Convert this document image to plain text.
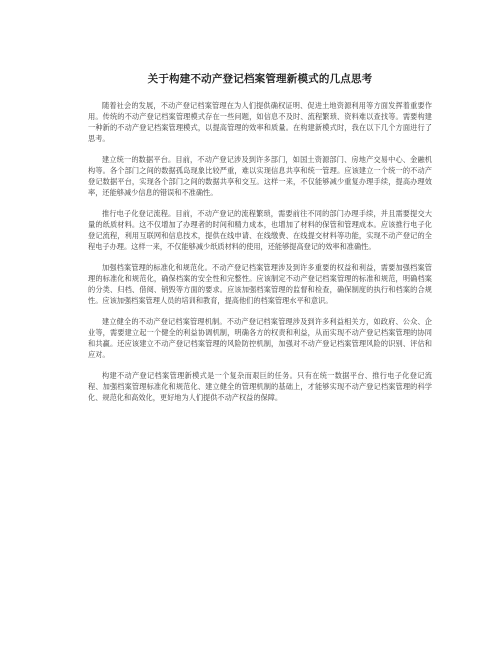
关于构建不动产登记档案管理新模式的几点思考

随着社会的发展，不动产登记档案管理在为人们提供确权证明、促进土地资源利用等方面发挥着重要作用。传统的不动产登记档案管理模式存在一些问题，如信息不及时、流程繁琐、资料难以查找等。需要构建一种新的不动产登记档案管理模式，以提高管理的效率和质量。在构建新模式时，我在以下几个方面进行了思考。

建立统一的数据平台。目前，不动产登记涉及到许多部门，如国土资源部门、房地产交易中心、金融机构等。各个部门之间的数据孤岛现象比较严重，难以实现信息共享和统一管理。应该建立一个统一的不动产登记数据平台，实现各个部门之间的数据共享和交互。这样一来，不仅能够减少重复办理手续，提高办理效率，还能够减少信息的错误和不准确性。

推行电子化登记流程。目前，不动产登记的流程繁琐，需要前往不同的部门办理手续，并且需要提交大量的纸质材料。这不仅增加了办理者的时间和精力成本，也增加了材料的保管和管理成本。应该推行电子化登记流程，利用互联网和信息技术，提供在线申请、在线缴费、在线提交材料等功能，实现不动产登记的全程电子办理。这样一来，不仅能够减少纸质材料的使用，还能够提高登记的效率和准确性。

加强档案管理的标准化和规范化。不动产登记档案管理涉及到许多重要的权益和利益，需要加强档案管理的标准化和规范化，确保档案的安全性和完整性。应该制定不动产登记档案管理的标准和规范，明确档案的分类、归档、借阅、销毁等方面的要求。应该加强档案管理的监督和检查，确保制度的执行和档案的合规性。应该加强档案管理人员的培训和教育，提高他们的档案管理水平和意识。

建立健全的不动产登记档案管理机制。不动产登记档案管理涉及到许多利益相关方，如政府、公众、企业等，需要建立起一个健全的利益协调机制，明确各方的权责和利益，从而实现不动产登记档案管理的协同和共赢。还应该建立不动产登记档案管理的风险防控机制，加强对不动产登记档案管理风险的识别、评估和应对。

构建不动产登记档案管理新模式是一个复杂而艰巨的任务。只有在统一数据平台、推行电子化登记流程、加强档案管理标准化和规范化、建立健全的管理机制的基础上，才能够实现不动产登记档案管理的科学化、规范化和高效化，更好地为人们提供不动产权益的保障。
